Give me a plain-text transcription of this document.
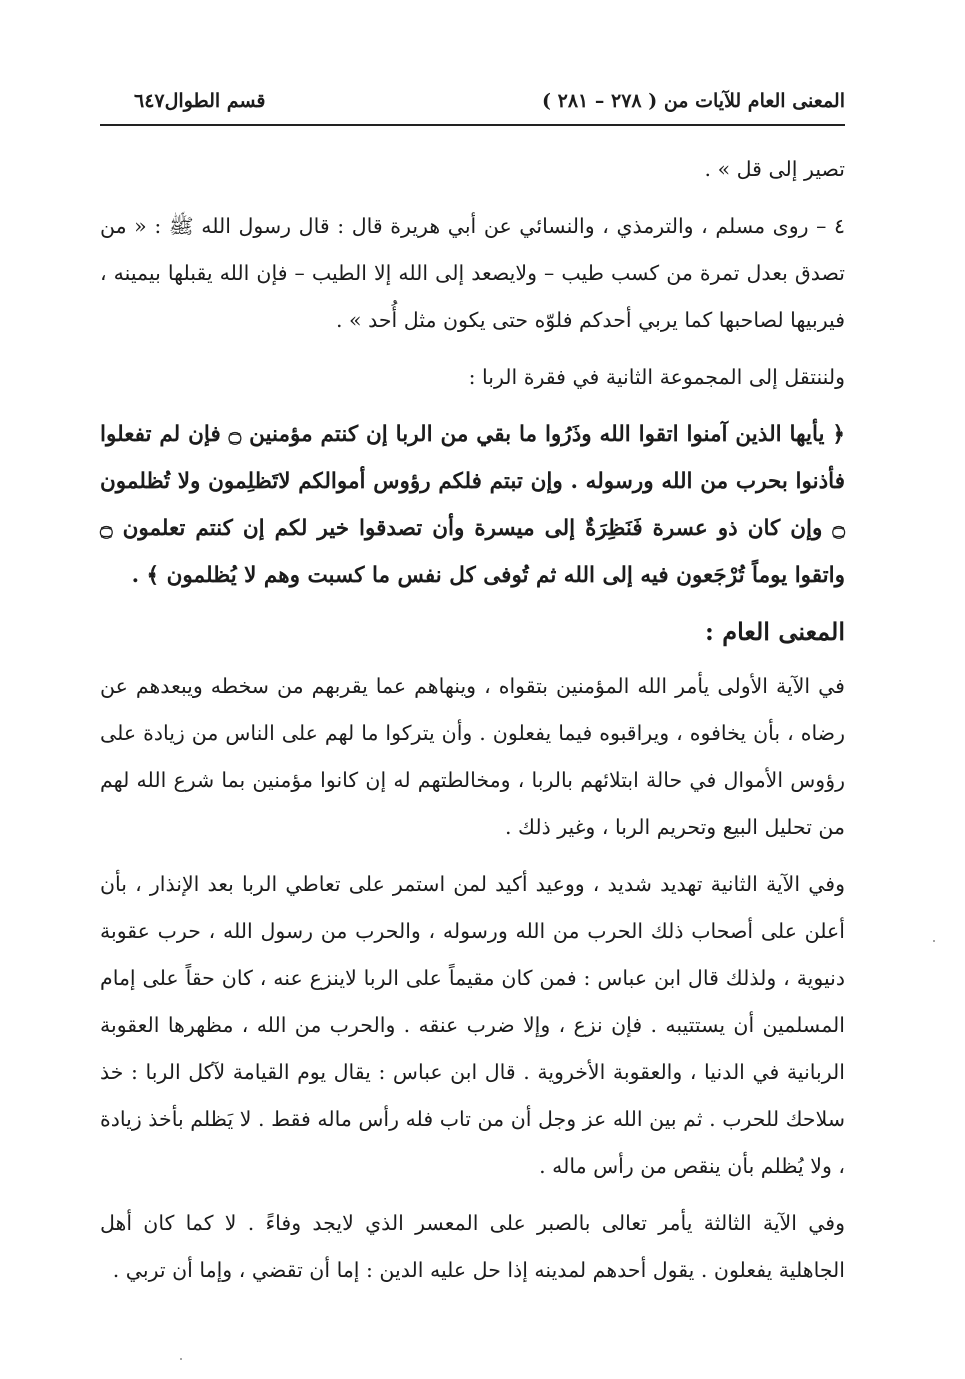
المعنى العام للآيات من ( ٢٧٨ – ٢٨١ )
قسم الطوال٦٤٧

تصير إلى قل » .

٤ – روى مسلم ، والترمذي ، والنسائي عن أبي هريرة قال : قال رسول الله ﷺ : « من تصدق بعدل تمرة من كسب طيب – ولايصعد إلى الله إلا الطيب – فإن الله يقبلها بيمينه ، فيربيها لصاحبها كما يربي أحدكم فلوّه حتى يكون مثل أُحد » .

ولننتقل إلى المجموعة الثانية في فقرة الربا :

﴿ يأيها الذين آمنوا اتقوا الله وذَرُوا ما بقي من الربا إن كنتم مؤمنين ۝ فإن لم تفعلوا فأذنوا بحرب من الله ورسوله . وإن تبتم فلكم رؤوس أموالكم لاتَظلِمون ولا تُظلمون ۝ وإن كان ذو عسرة فَنَظِرَةٌ إلى ميسرة وأن تصدقوا خير لكم إن كنتم تعلمون ۝ واتقوا يوماً تُرْجَعون فيه إلى الله ثم تُوفى كل نفس ما كسبت وهم لا يُظلمون ﴾ .

المعنى العام :

في الآية الأولى يأمر الله المؤمنين بتقواه ، وينهاهم عما يقربهم من سخطه ويبعدهم عن رضاه ، بأن يخافوه ، ويراقبوه فيما يفعلون . وأن يتركوا ما لهم على الناس من زيادة على رؤوس الأموال في حالة ابتلائهم بالربا ، ومخالطتهم له إن كانوا مؤمنين بما شرع الله لهم من تحليل البيع وتحريم الربا ، وغير ذلك .

وفي الآية الثانية تهديد شديد ، ووعيد أكيد لمن استمر على تعاطي الربا بعد الإنذار ، بأن أعلن على أصحاب ذلك الحرب من الله ورسوله ، والحرب من رسول الله ، حرب عقوبة دنيوية ، ولذلك قال ابن عباس : فمن كان مقيماً على الربا لاينزع عنه ، كان حقاً على إمام المسلمين أن يستتيبه . فإن نزع ، وإلا ضرب عنقه . والحرب من الله ، مظهرها العقوبة الربانية في الدنيا ، والعقوبة الأخروية . قال ابن عباس : يقال يوم القيامة لآكل الربا : خذ سلاحك للحرب . ثم بين الله عز وجل أن من تاب فله رأس ماله فقط . لا يَظلم بأخذ زيادة ، ولا يُظلم بأن ينقص من رأس ماله .

وفي الآية الثالثة يأمر تعالى بالصبر على المعسر الذي لايجد وفاءً . لا كما كان أهل الجاهلية يفعلون . يقول أحدهم لمدينه إذا حل عليه الدين : إما أن تقضي ، وإما أن تربي .
